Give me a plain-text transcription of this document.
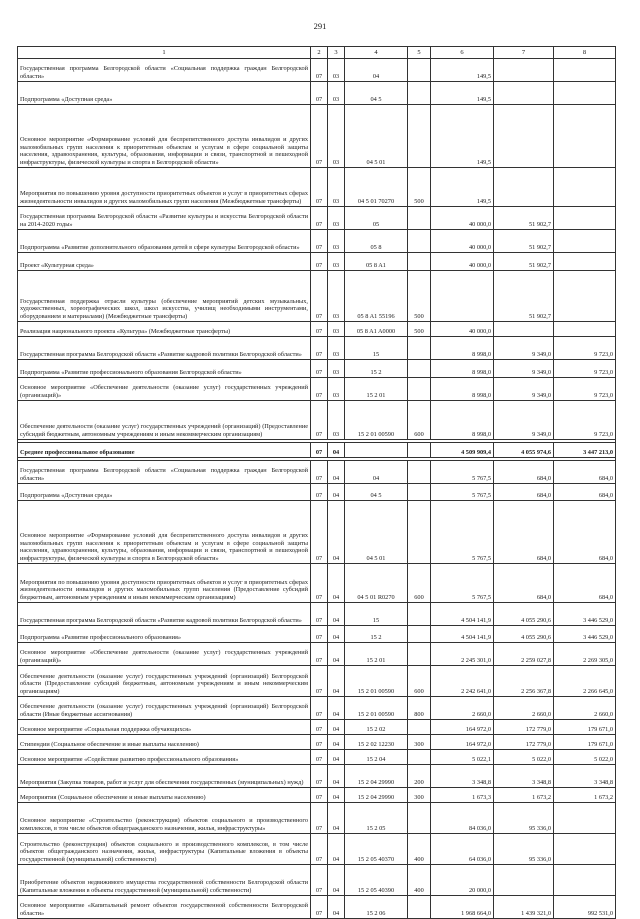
291
1	2	3	4	5	6	7	8
Государственная программа Белгородской области «Социальная поддержка граждан Белгородской области»	07	03	04		149,5		
Подпрограмма «Доступная среда»	07	03	04 5		149,5		
Основное мероприятие «Формирование условий для беспрепятственного доступа инвалидов и других маломобильных групп населения к приоритетным объектам и услугам в сфере социальной защиты населения, здравоохранения, культуры, образования, информации и связи, транспортной и пешеходной инфраструктуры, физической культуры и спорта в Белгородской области»	07	03	04 5 01		149,5		
Мероприятия по повышению уровня доступности приоритетных объектов и услуг в приоритетных сферах жизнедеятельности инвалидов и других маломобильных групп населения (Межбюджетные трансферты)	07	03	04 5 01 70270	500	149,5		
Государственная программа Белгородской области «Развитие культуры и искусства Белгородской области на 2014-2020 годы»	07	03	05		40 000,0	51 902,7	
Подпрограмма «Развитие дополнительного образования детей в сфере культуры Белгородской области»	07	03	05 8		40 000,0	51 902,7	
Проект «Культурная среда»	07	03	05 8 A1		40 000,0	51 902,7	
Государственная поддержка отрасли культуры (обеспечение мероприятий детских музыкальных, художественных, хореографических школ, школ искусства, училищ необходимыми инструментами, оборудованием и материалами) (Межбюджетные трансферты)	07	03	05 8 A1 55196	500		51 902,7	
Реализация национального проекта «Культура» (Межбюджетные трансферты)	07	03	05 8 A1 A0000	500	40 000,0		
Государственная программа Белгородской области «Развитие кадровой политики Белгородской области»	07	03	15		8 998,0	9 349,0	9 723,0
Подпрограмма «Развитие профессионального образования Белгородской области»	07	03	15 2		8 998,0	9 349,0	9 723,0
Основное мероприятие «Обеспечение деятельности (оказание услуг) государственных учреждений (организаций)»	07	03	15 2 01		8 998,0	9 349,0	9 723,0
Обеспечение деятельности (оказание услуг) государственных учреждений (организаций) (Предоставление субсидий бюджетным, автономным учреждениям и иным некоммерческим организациям)	07	03	15 2 01 00590	600	8 998,0	9 349,0	9 723,0

Среднее профессиональное образование	07	04			4 509 909,4	4 055 974,6	3 447 213,0

Государственная программа Белгородской области «Социальная поддержка граждан Белгородской области»	07	04	04		5 767,5	684,0	684,0
Подпрограмма «Доступная среда»	07	04	04 5		5 767,5	684,0	684,0
Основное мероприятие «Формирование условий для беспрепятственного доступа инвалидов и других маломобильных групп населения к приоритетным объектам и услугам в сфере социальной защиты населения, здравоохранения, культуры, образования, информации и связи, транспортной и пешеходной инфраструктуры, физической культуры и спорта в Белгородской области»	07	04	04 5 01		5 767,5	684,0	684,0
Мероприятия по повышению уровня доступности приоритетных объектов и услуг в приоритетных сферах жизнедеятельности инвалидов и других маломобильных групп населения (Предоставление субсидий бюджетным, автономным учреждениям и иным некоммерческим организациям)	07	04	04 5 01 R0270	600	5 767,5	684,0	684,0
Государственная программа Белгородской области «Развитие кадровой политики Белгородской области»	07	04	15		4 504 141,9	4 055 290,6	3 446 529,0
Подпрограмма «Развитие профессионального образования»	07	04	15 2		4 504 141,9	4 055 290,6	3 446 529,0
Основное мероприятие «Обеспечение деятельности (оказание услуг) государственных учреждений (организаций)»	07	04	15 2 01		2 245 301,0	2 259 027,8	2 269 305,0
Обеспечение деятельности (оказание услуг) государственных учреждений (организаций) Белгородской области (Предоставление субсидий бюджетным, автономным учреждениям и иным некоммерческим организациям)	07	04	15 2 01 00590	600	2 242 641,0	2 256 367,8	2 266 645,0
Обеспечение деятельности (оказание услуг) государственных учреждений (организаций) Белгородской области (Иные бюджетные ассигнования)	07	04	15 2 01 00590	800	2 660,0	2 660,0	2 660,0
Основное мероприятие «Социальная поддержка обучающихся»	07	04	15 2 02		164 972,0	172 779,0	179 671,0
Стипендии (Социальное обеспечение и иные выплаты населению)	07	04	15 2 02 12230	300	164 972,0	172 779,0	179 671,0
Основное мероприятие «Содействие развитию профессионального образования»	07	04	15 2 04		5 022,1	5 022,0	5 022,0
Мероприятия (Закупка товаров, работ и услуг для обеспечения государственных (муниципальных) нужд)	07	04	15 2 04 29990	200	3 348,8	3 348,8	3 348,8
Мероприятия (Социальное обеспечение и иные выплаты населению)	07	04	15 2 04 29990	300	1 673,3	1 673,2	1 673,2
Основное мероприятие «Строительство (реконструкция) объектов социального и производственного комплексов, в том числе объектов общегражданского назначения, жилья, инфраструктуры»	07	04	15 2 05		84 036,0	95 336,0	
Строительство (реконструкция) объектов социального и производственного комплексов, в том числе объектов общегражданского назначения, жилья, инфраструктуры (Капитальные вложения в объекты государственной (муниципальной) собственности)	07	04	15 2 05 40370	400	64 036,0	95 336,0	
Приобретение объектов недвижимого имущества государственной собственности Белгородской области (Капитальные вложения в объекты государственной (муниципальной) собственности)	07	04	15 2 05 40390	400	20 000,0		
Основное мероприятие «Капитальный ремонт объектов государственной собственности Белгородской области»	07	04	15 2 06		1 968 664,0	1 439 321,0	992 531,0
